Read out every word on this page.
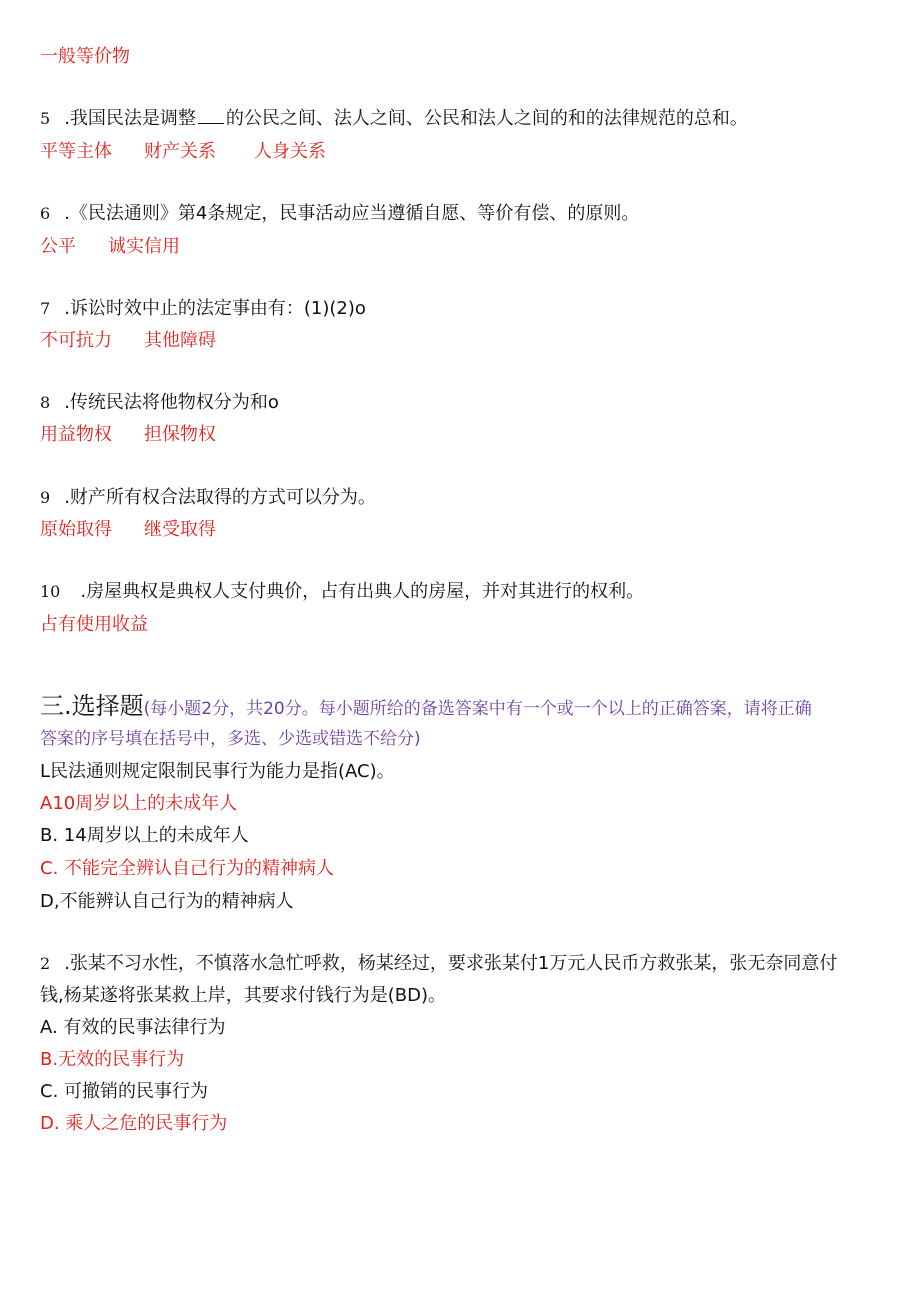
一般等价物
5 .我国民法是调整 的公民之间、法人之间、公民和法人之间的和的法律规范的总和。
平等主体 财产关系 人身关系
6 .《民法通则》第4条规定，民事活动应当遵循自愿、等价有偿、的原则。
公平 诚实信用
7 .诉讼时效中止的法定事由有：(1)(2)o
不可抗力 其他障碍
8 .传统民法将他物权分为和o
用益物权 担保物权
9 .财产所有权合法取得的方式可以分为。
原始取得 继受取得
10 .房屋典权是典权人支付典价，占有出典人的房屋，并对其进行的权利。
占有使用收益
三.选择题(每小题2分，共20分。每小题所给的备选答案中有一个或一个以上的正确答案，请将正确
答案的序号填在括号中，多选、少选或错选不给分)
L民法通则规定限制民事行为能力是指(AC)。
A10周岁以上的未成年人
B. 14周岁以上的未成年人
C. 不能完全辨认自己行为的精神病人
D,不能辨认自己行为的精神病人
2 .张某不习水性，不慎落水急忙呼救，杨某经过，要求张某付1万元人民币方救张某，张无奈同意付
钱,杨某遂将张某救上岸，其要求付钱行为是(BD)。
A. 有效的民事法律行为
B.无效的民事行为
C. 可撤销的民事行为
D. 乘人之危的民事行为
